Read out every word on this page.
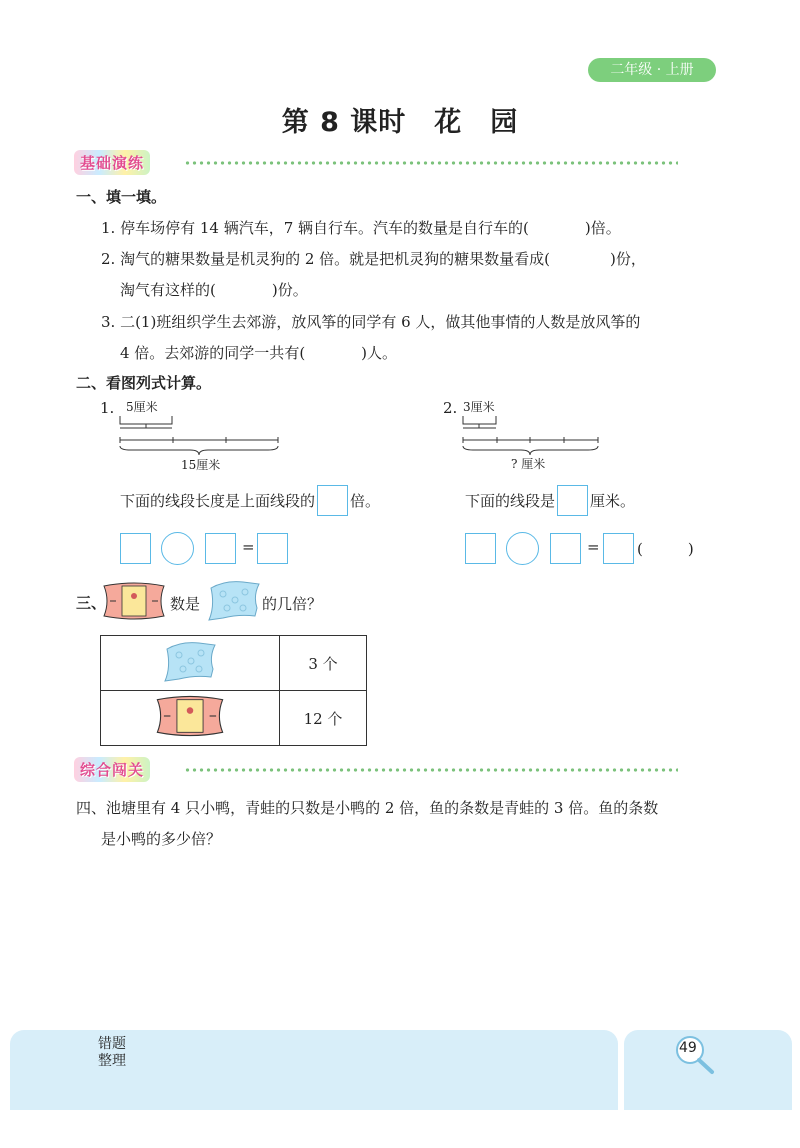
二年级 · 上册
第 8 课时　花　园
基础演练
一、填一填。
1. 停车场停有 14 辆汽车，7 辆自行车。汽车的数量是自行车的(	)倍。
2. 淘气的糖果数量是机灵狗的 2 倍。就是把机灵狗的糖果数量看成(	)份，
淘气有这样的(	)份。
3. 二(1)班组织学生去郊游，放风筝的同学有 6 人，做其他事情的人数是放风筝的
4 倍。去郊游的同学一共有(	)人。
二、看图列式计算。
1. 5厘米
15厘米
下面的线段长度是上面线段的 倍。
=
2. 3厘米
? 厘米
下面的线段是 厘米。
= (　　　)
三、	数是	的几倍？
	3 个
	12 个
综合闯关
四、池塘里有 4 只小鸭，青蛙的只数是小鸭的 2 倍，鱼的条数是青蛙的 3 倍。鱼的条数
是小鸭的多少倍？
错题
整理
49
